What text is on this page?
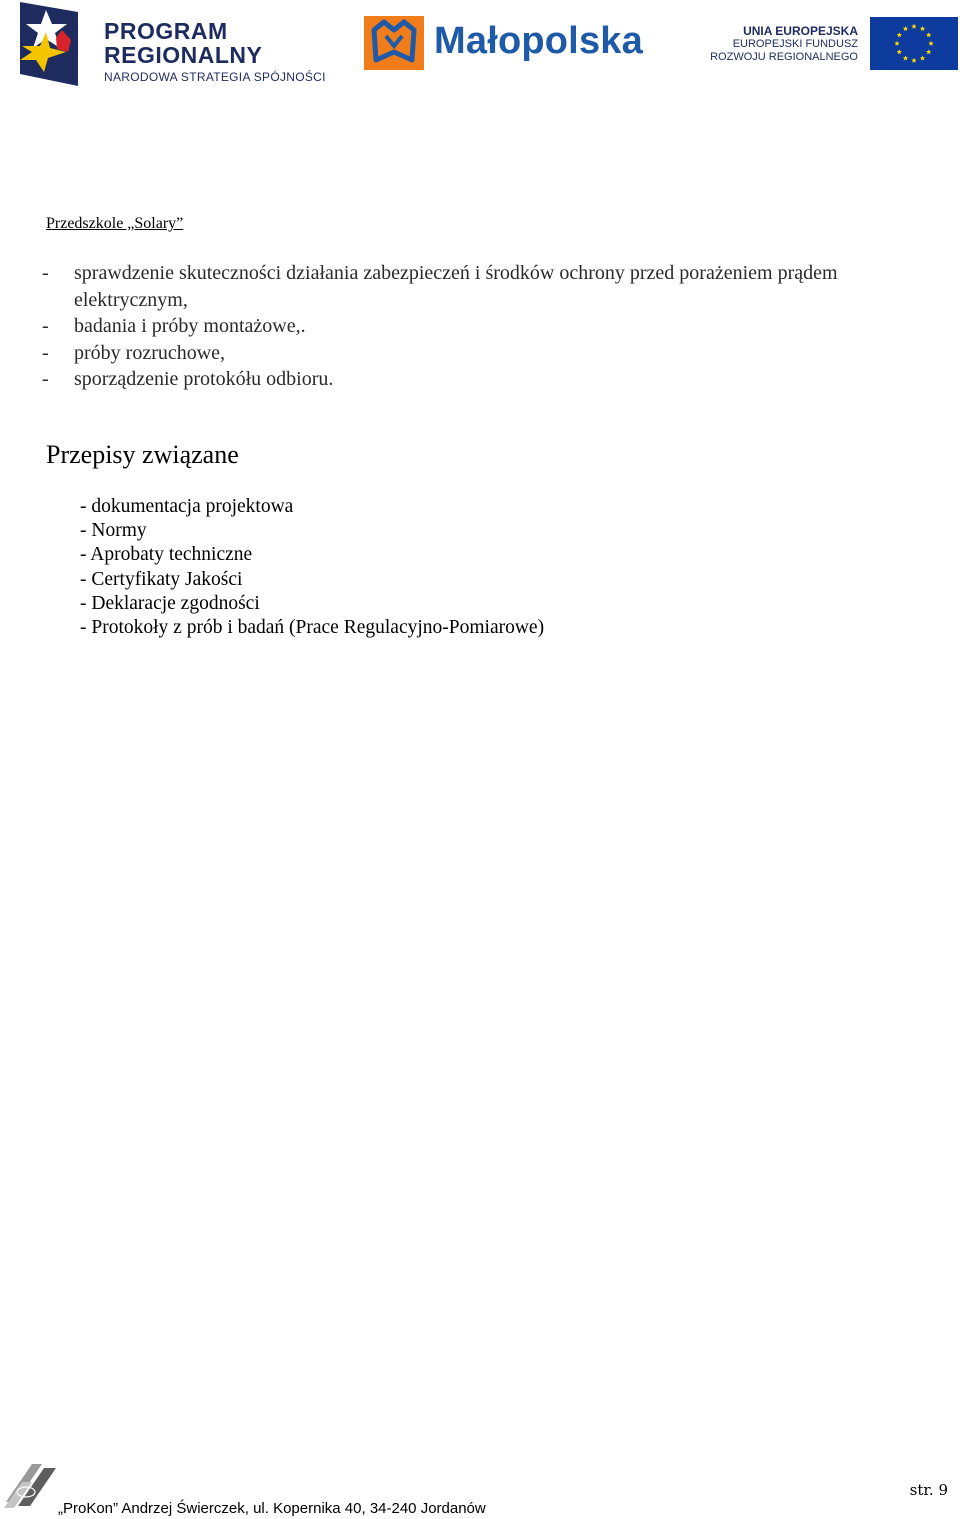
PROGRAM
REGIONALNY
NARODOWA STRATEGIA SPÓJNOŚCI
Małopolska	UNIA EUROPEJSKA
EUROPEJSKI FUNDUSZ
ROZWOJU REGIONALNEGO
Przedszkole „Solary”
- sprawdzenie skuteczności działania zabezpieczeń i środków ochrony przed porażeniem prądem elektrycznym,
- badania i próby montażowe,.
- próby rozruchowe,
- sporządzenie protokółu odbioru.
Przepisy związane
- dokumentacja projektowa
- Normy
- Aprobaty techniczne
- Certyfikaty Jakości
- Deklaracje zgodności
- Protokoły z prób i badań (Prace Regulacyjno-Pomiarowe)
„ProKon” Andrzej Świerczek, ul. Kopernika 40, 34-240 Jordanów
str. 9
